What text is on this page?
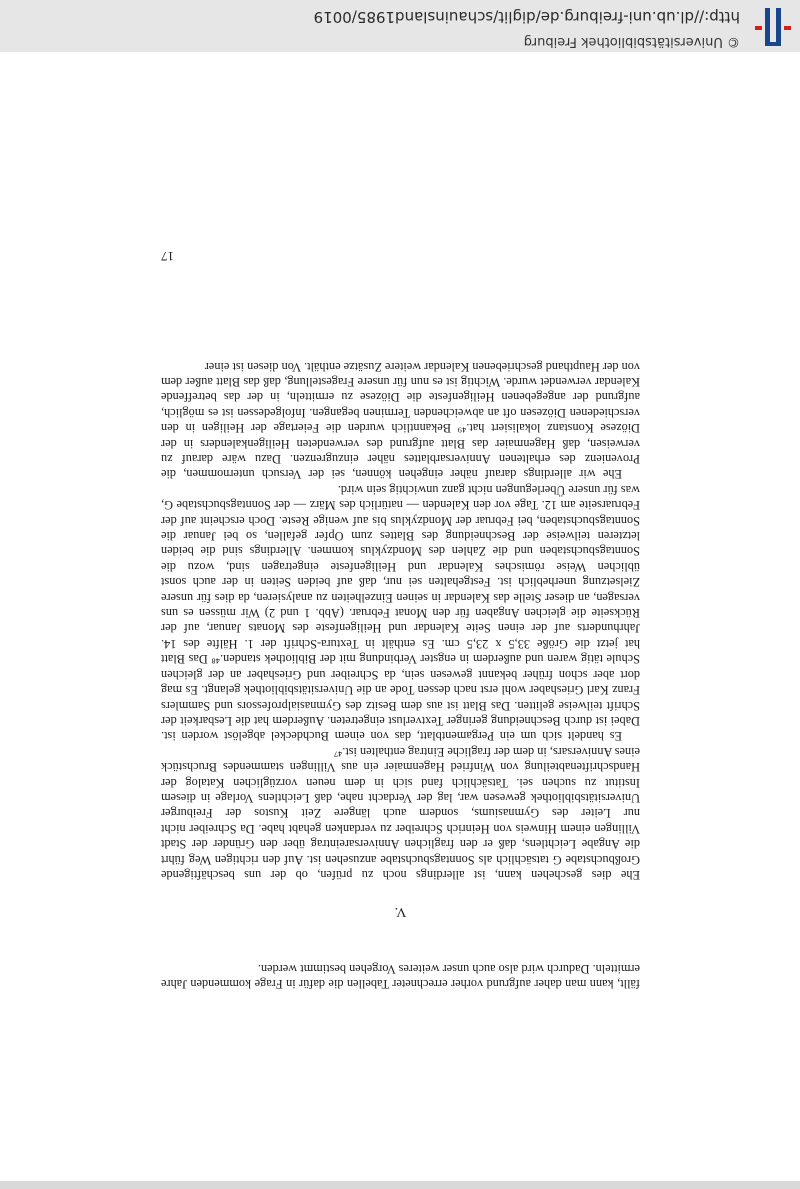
fällt, kann man daher aufgrund vorher errechneter Tabellen die dafür in Frage kommenden Jahre ermitteln. Dadurch wird also auch unser weiteres Vorgehen bestimmt werden.

V.

Ehe dies geschehen kann, ist allerdings noch zu prüfen, ob der uns beschäftigende Großbuchstabe G tatsächlich als Sonntagsbuchstabe anzusehen ist. Auf den richtigen Weg führt die Angabe Leichtlens, daß er den fraglichen Anniversareintrag über den Gründer der Stadt Villingen einem Hinweis von Heinrich Schreiber zu verdanken gehabt habe. Da Schreiber nicht nur Leiter des Gymnasiums, sondern auch längere Zeit Kustos der Freiburger Universitätsbibliothek gewesen war, lag der Verdacht nahe, daß Leichtlens Vorlage in diesem Institut zu suchen sei. Tatsächlich fand sich in dem neuen vorzüglichen Katalog der Handschriftenabteilung von Winfried Hagenmaier ein aus Villingen stammendes Bruchstück eines Anniversars, in dem der fragliche Eintrag enthalten ist.⁴⁷

Es handelt sich um ein Pergamentblatt, das von einem Buchdeckel abgelöst worden ist. Dabei ist durch Beschneidung geringer Textverlust eingetreten. Außerdem hat die Lesbarkeit der Schrift teilweise gelitten. Das Blatt ist aus dem Besitz des Gymnasialprofessors und Sammlers Franz Karl Grieshaber wohl erst nach dessen Tode an die Universitätsbibliothek gelangt. Es mag dort aber schon früher bekannt gewesen sein, da Schreiber und Grieshaber an der gleichen Schule tätig waren und außerdem in engster Verbindung mit der Bibliothek standen.⁴⁸ Das Blatt hat jetzt die Größe 33,5 x 23,5 cm. Es enthält in Textura-Schrift der 1. Hälfte des 14. Jahrhunderts auf der einen Seite Kalendar und Heiligenfeste des Monats Januar, auf der Rückseite die gleichen Angaben für den Monat Februar. (Abb. 1 und 2) Wir müssen es uns versagen, an dieser Stelle das Kalendar in seinen Einzelheiten zu analysieren, da dies für unsere Zielsetzung unerheblich ist. Festgehalten sei nur, daß auf beiden Seiten in der auch sonst üblichen Weise römisches Kalendar und Heiligenfeste eingetragen sind, wozu die Sonntagsbuchstaben und die Zahlen des Mondzyklus kommen. Allerdings sind die beiden letzteren teilweise der Beschneidung des Blattes zum Opfer gefallen, so bei Januar die Sonntagsbuchstaben, bei Februar der Mondzyklus bis auf wenige Reste. Doch erscheint auf der Februarseite am 12. Tage vor den Kalenden — natürlich des März — der Sonntagsbuchstabe G, was für unsere Überlegungen nicht ganz unwichtig sein wird.

Ehe wir allerdings darauf näher eingehen können, sei der Versuch unternommen, die Provenienz des erhaltenen Anniversarblattes näher einzugrenzen. Dazu wäre darauf zu verweisen, daß Hagenmaier das Blatt aufgrund des verwendeten Heiligenkalenders in der Diözese Konstanz lokalisiert hat.⁴⁹ Bekanntlich wurden die Feiertage der Heiligen in den verschiedenen Diözesen oft an abweichenden Terminen begangen. Infolgedessen ist es möglich, aufgrund der angegebenen Heiligenfeste die Diözese zu ermitteln, in der das betreffende Kalendar verwendet wurde. Wichtig ist es nun für unsere Fragestellung, daß das Blatt außer dem von der Haupthand geschriebenen Kalendar weitere Zusätze enthält. Von diesen ist einer

17
© Universitätsbibliothek Freiburg
http://dl.ub.uni-freiburg.de/diglit/schauinsland1985/0019
